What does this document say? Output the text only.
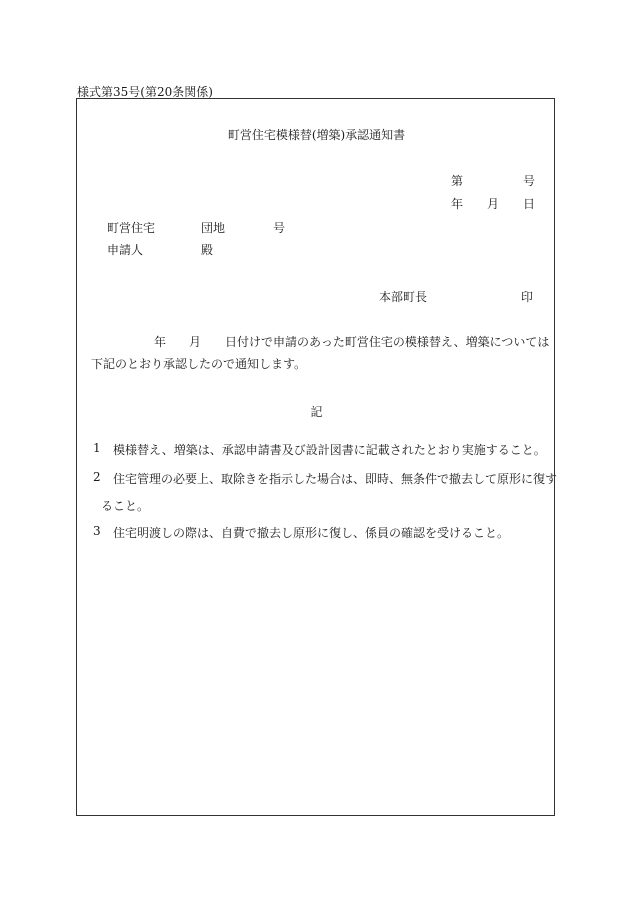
様式第35号(第20条関係)
町営住宅模様替(増築)承認通知書
第	号
年 月 日
町営住宅	団地	号
申請人	殿
本部町長	印
年 月 日付けで申請のあった町営住宅の模様替え、増築については
下記のとおり承認したので通知します。
記
1 模様替え、増築は、承認申請書及び設計図書に記載されたとおり実施すること。
2 住宅管理の必要上、取除きを指示した場合は、即時、無条件で撤去して原形に復す
ること。
3 住宅明渡しの際は、自費で撤去し原形に復し、係員の確認を受けること。
